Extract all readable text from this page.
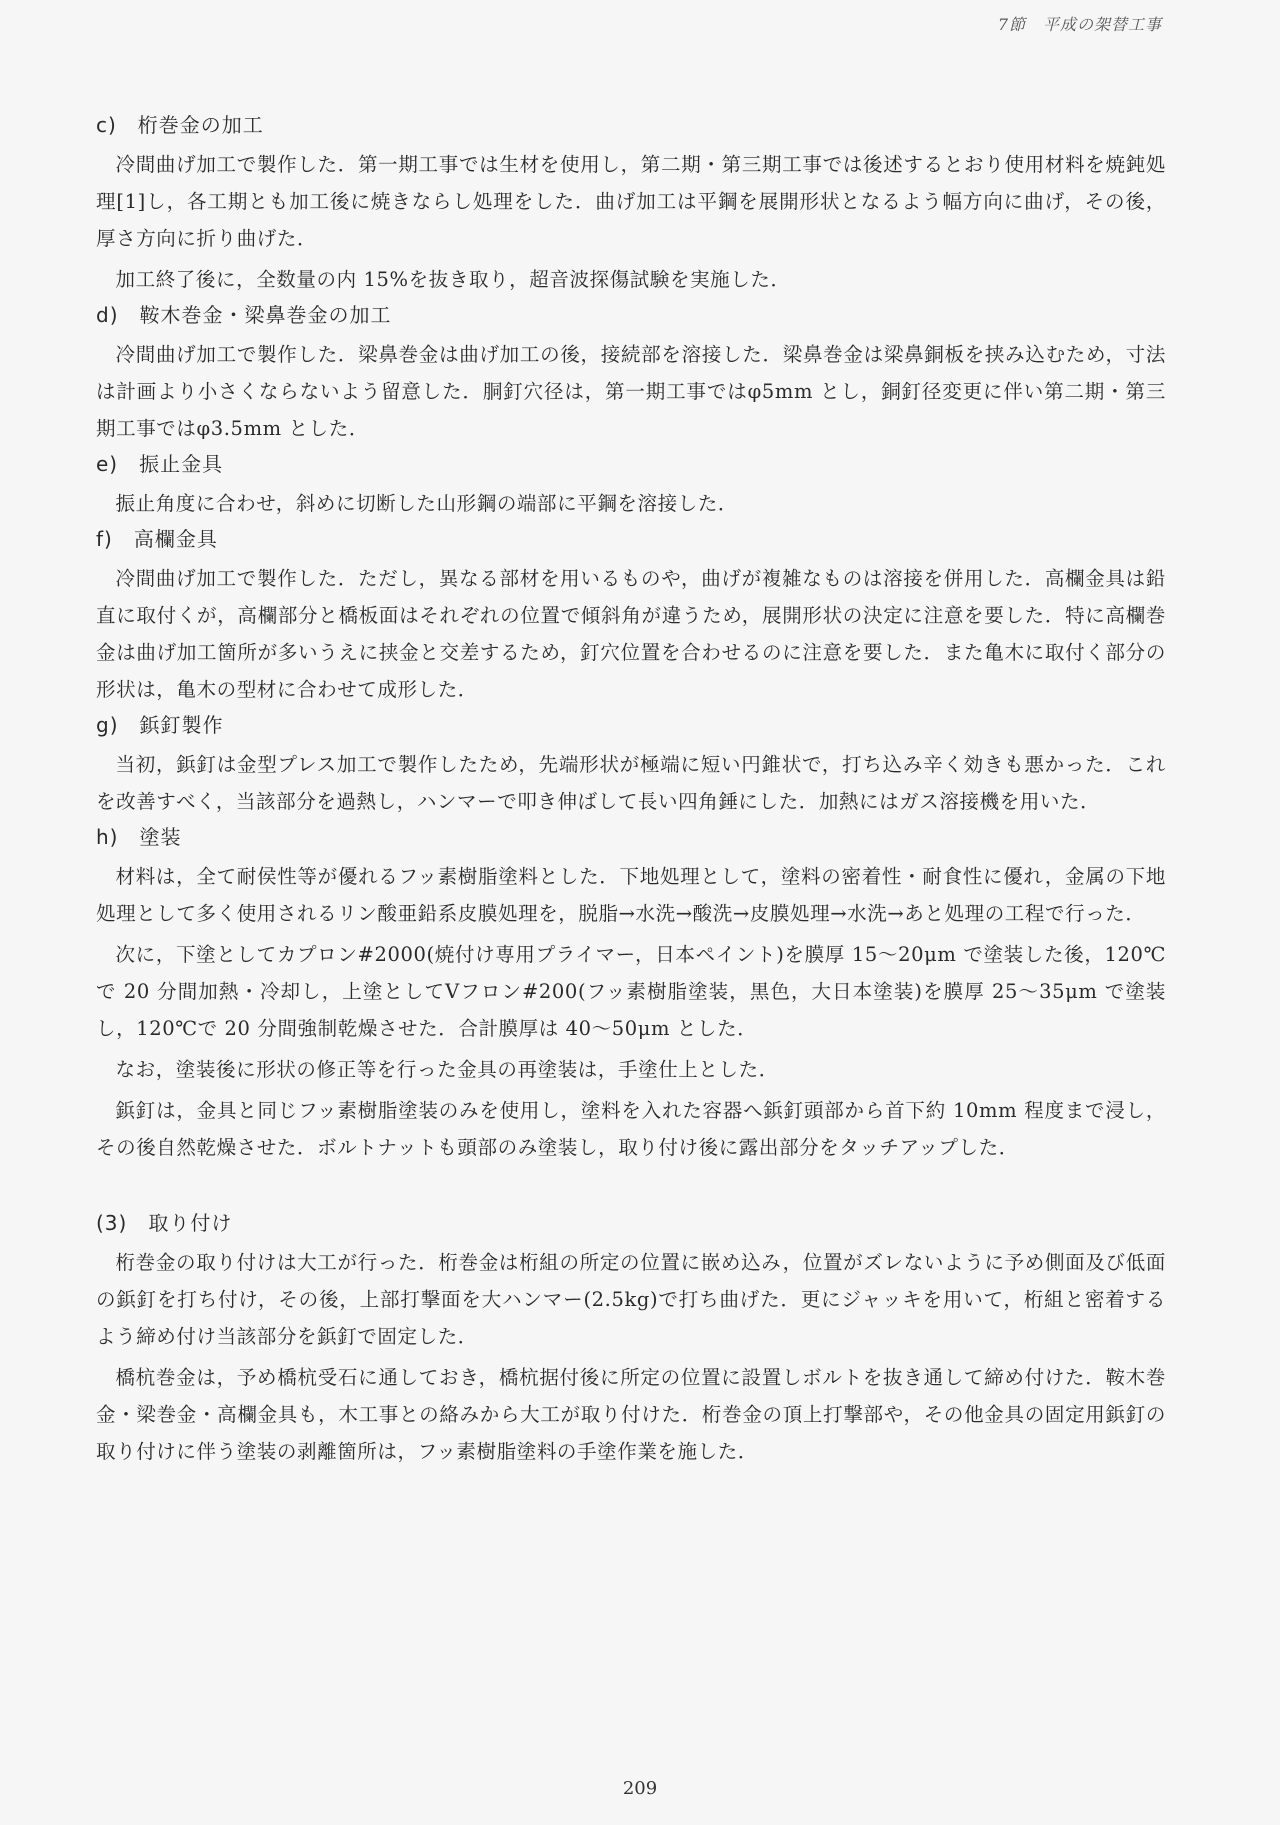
7節　平成の架替工事
c)　桁巻金の加工

冷間曲げ加工で製作した．第一期工事では生材を使用し，第二期・第三期工事では後述するとおり使用材料を焼鈍処理[1]し，各工期とも加工後に焼きならし処理をした．曲げ加工は平鋼を展開形状となるよう幅方向に曲げ，その後，厚さ方向に折り曲げた．

加工終了後に，全数量の内 15%を抜き取り，超音波探傷試験を実施した．

d)　鞍木巻金・梁鼻巻金の加工

冷間曲げ加工で製作した．梁鼻巻金は曲げ加工の後，接続部を溶接した．梁鼻巻金は梁鼻銅板を挟み込むため，寸法は計画より小さくならないよう留意した．胴釘穴径は，第一期工事ではφ5mm とし，銅釘径変更に伴い第二期・第三期工事ではφ3.5mm とした．

e)　振止金具

振止角度に合わせ，斜めに切断した山形鋼の端部に平鋼を溶接した．

f)　高欄金具

冷間曲げ加工で製作した．ただし，異なる部材を用いるものや，曲げが複雑なものは溶接を併用した．高欄金具は鉛直に取付くが，高欄部分と橋板面はそれぞれの位置で傾斜角が違うため，展開形状の決定に注意を要した．特に高欄巻金は曲げ加工箇所が多いうえに挟金と交差するため，釘穴位置を合わせるのに注意を要した．また亀木に取付く部分の形状は，亀木の型材に合わせて成形した．

g)　鋲釘製作

当初，鋲釘は金型プレス加工で製作したため，先端形状が極端に短い円錐状で，打ち込み辛く効きも悪かった．これを改善すべく，当該部分を過熱し，ハンマーで叩き伸ばして長い四角錘にした．加熱にはガス溶接機を用いた．

h)　塗装

材料は，全て耐侯性等が優れるフッ素樹脂塗料とした．下地処理として，塗料の密着性・耐食性に優れ，金属の下地処理として多く使用されるリン酸亜鉛系皮膜処理を，脱脂→水洗→酸洗→皮膜処理→水洗→あと処理の工程で行った．

次に，下塗としてカプロン#2000(焼付け専用プライマー，日本ペイント)を膜厚 15～20μm で塗装した後，120℃で 20 分間加熱・冷却し，上塗としてVフロン#200(フッ素樹脂塗装，黒色，大日本塗装)を膜厚 25～35μm で塗装し，120℃で 20 分間強制乾燥させた．合計膜厚は 40～50μm とした．

なお，塗装後に形状の修正等を行った金具の再塗装は，手塗仕上とした．

鋲釘は，金具と同じフッ素樹脂塗装のみを使用し，塗料を入れた容器へ鋲釘頭部から首下約 10mm 程度まで浸し，その後自然乾燥させた．ボルトナットも頭部のみ塗装し，取り付け後に露出部分をタッチアップした．

(3)　取り付け

桁巻金の取り付けは大工が行った．桁巻金は桁組の所定の位置に嵌め込み，位置がズレないように予め側面及び低面の鋲釘を打ち付け，その後，上部打撃面を大ハンマー(2.5kg)で打ち曲げた．更にジャッキを用いて，桁組と密着するよう締め付け当該部分を鋲釘で固定した．

橋杭巻金は，予め橋杭受石に通しておき，橋杭据付後に所定の位置に設置しボルトを抜き通して締め付けた．鞍木巻金・梁巻金・高欄金具も，木工事との絡みから大工が取り付けた．桁巻金の頂上打撃部や，その他金具の固定用鋲釘の取り付けに伴う塗装の剥離箇所は，フッ素樹脂塗料の手塗作業を施した．

209
